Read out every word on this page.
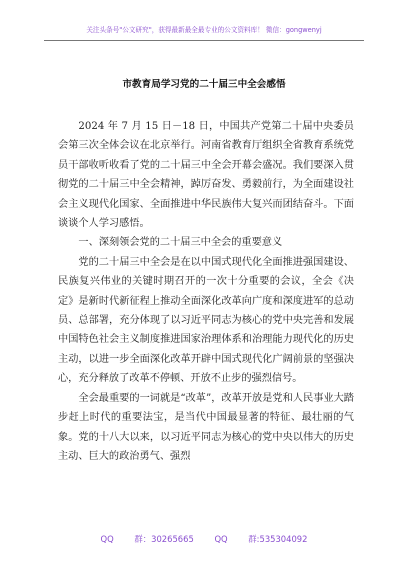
关注头条号"公文研究"，获得最新最全最专业的公文资料库！ 微信：gongwenyj
市教育局学习党的二十届三中全会感悟

2024 年 7 月 15 日－18 日，中国共产党第二十届中央委员会第三次全体会议在北京举行。河南省教育厅组织全省教育系统党员干部收听收看了党的二十届三中全会开幕会盛况。我们要深入贯彻党的二十届三中全会精神，踔厉奋发、勇毅前行，为全面建设社会主义现代化国家、全面推进中华民族伟大复兴而团结奋斗。下面谈谈个人学习感悟。

一、深刻领会党的二十届三中全会的重要意义

党的二十届三中全会是在以中国式现代化全面推进强国建设、民族复兴伟业的关键时期召开的一次十分重要的会议，全会《决定》是新时代新征程上推动全面深化改革向广度和深度进军的总动员、总部署，充分体现了以习近平同志为核心的党中央完善和发展中国特色社会主义制度推进国家治理体系和治理能力现代化的历史主动，以进一步全面深化改革开辟中国式现代化广阔前景的坚强决心，充分释放了改革不停顿、开放不止步的强烈信号。

全会最重要的一词就是“改革”，改革开放是党和人民事业大踏步赶上时代的重要法宝，是当代中国最显著的特征、最壮丽的气象。党的十八大以来，以习近平同志为核心的党中央以伟大的历史主动、巨大的政治勇气、强烈

QQ 群：30265665 QQ 群:535304092
